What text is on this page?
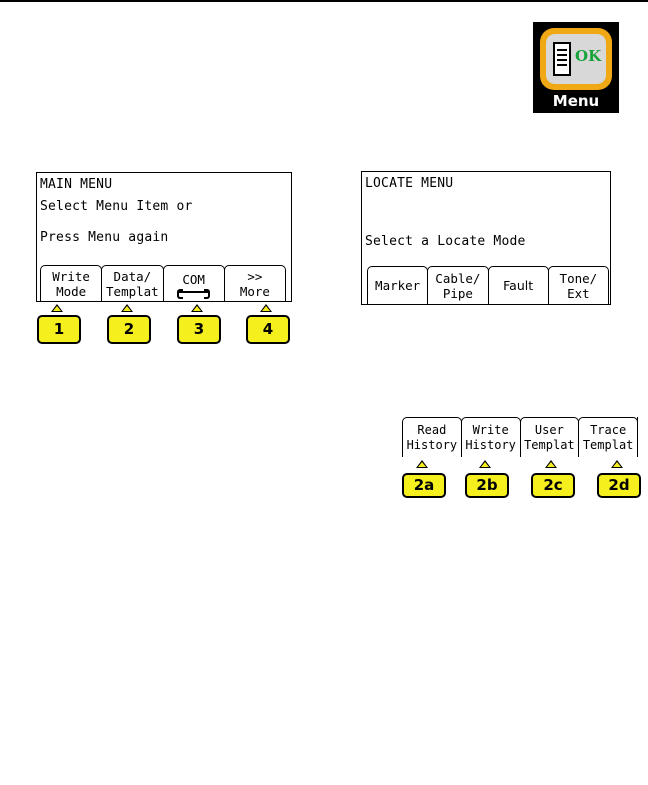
OK
Menu
MAIN MENU
Select Menu Item or
Press Menu again
Write
Mode
Data/
Templat
COM	>>
More
1	2	3	4
LOCATE MENU
Select a Locate Mode
Marker	Cable/
Pipe	Fault	Tone/
Ext
Read
History
Write
History
User
Templat
Trace
Templat
2a	2b	2c	2d
